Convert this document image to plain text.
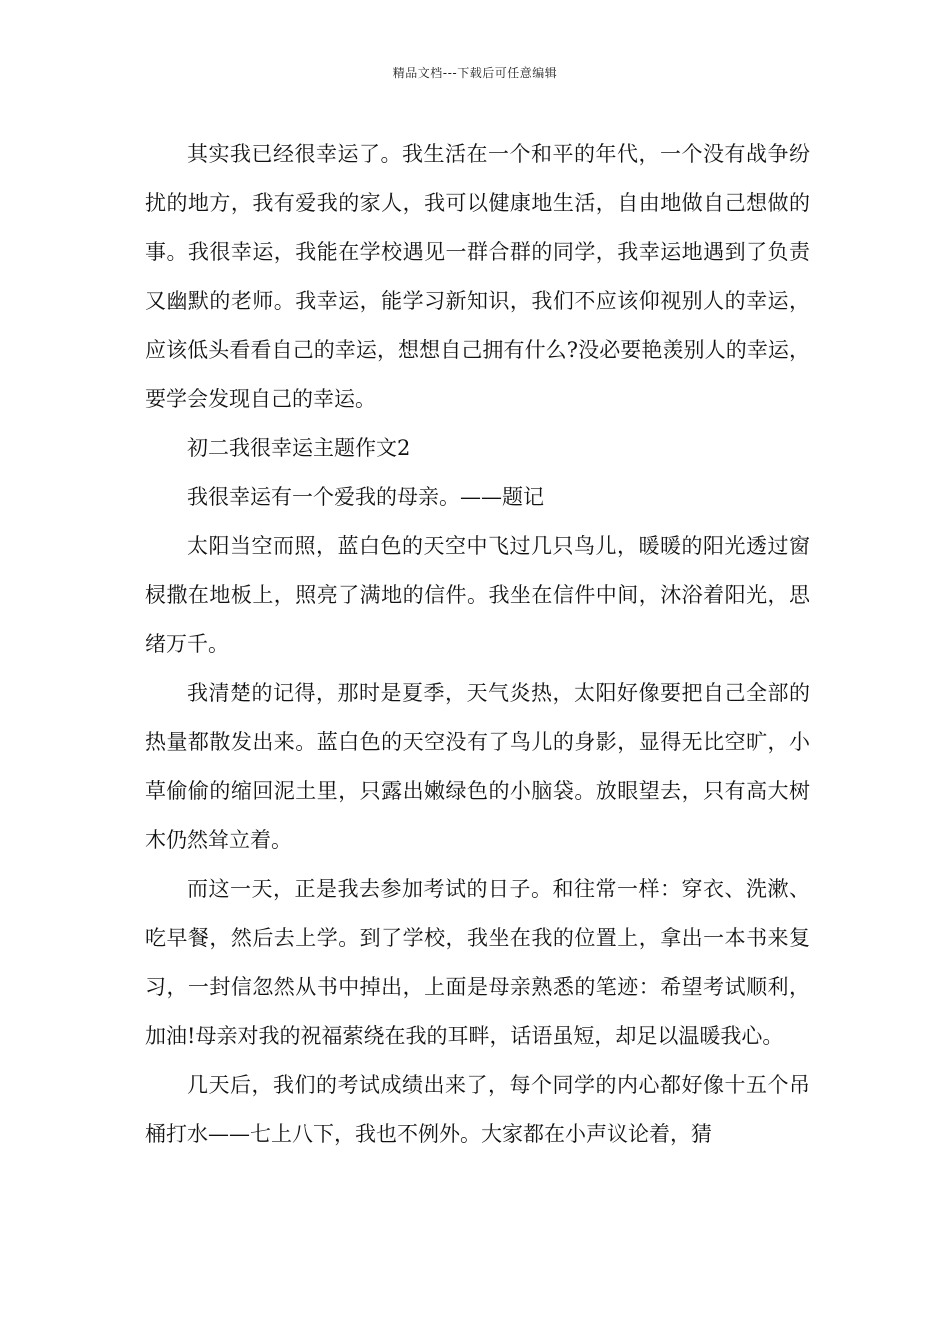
精品文档---下载后可任意编辑

其实我已经很幸运了。我生活在一个和平的年代，一个没有战争纷扰的地方，我有爱我的家人，我可以健康地生活，自由地做自己想做的事。我很幸运，我能在学校遇见一群合群的同学，我幸运地遇到了负责又幽默的老师。我幸运，能学习新知识，我们不应该仰视别人的幸运，应该低头看看自己的幸运，想想自己拥有什么?没必要艳羡别人的幸运，要学会发现自己的幸运。

初二我很幸运主题作文2

我很幸运有一个爱我的母亲。——题记

太阳当空而照，蓝白色的天空中飞过几只鸟儿，暖暖的阳光透过窗棂撒在地板上，照亮了满地的信件。我坐在信件中间，沐浴着阳光，思绪万千。

我清楚的记得，那时是夏季，天气炎热，太阳好像要把自己全部的热量都散发出来。蓝白色的天空没有了鸟儿的身影，显得无比空旷，小草偷偷的缩回泥土里，只露出嫩绿色的小脑袋。放眼望去，只有高大树木仍然耸立着。

而这一天，正是我去参加考试的日子。和往常一样：穿衣、洗漱、吃早餐，然后去上学。到了学校，我坐在我的位置上，拿出一本书来复习，一封信忽然从书中掉出，上面是母亲熟悉的笔迹：希望考试顺利，加油!母亲对我的祝福萦绕在我的耳畔，话语虽短，却足以温暖我心。

几天后，我们的考试成绩出来了，每个同学的内心都好像十五个吊桶打水——七上八下，我也不例外。大家都在小声议论着，猜
